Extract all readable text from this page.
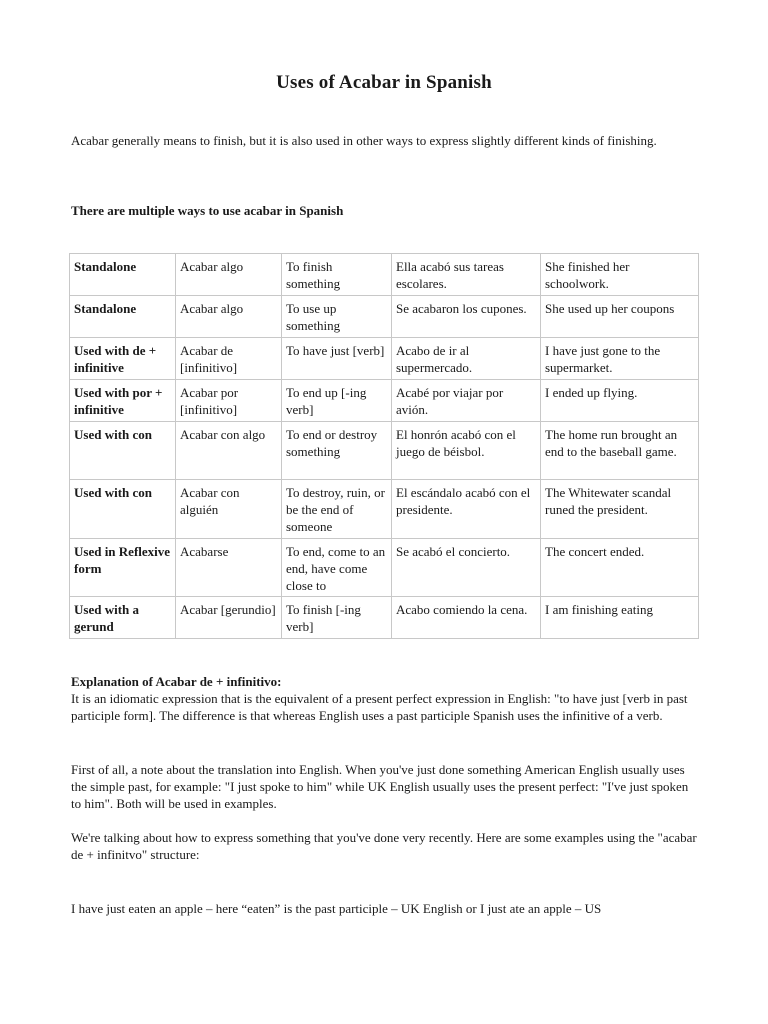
Uses of Acabar in Spanish
Acabar generally means to finish, but it is also used in other ways to express slightly different kinds of finishing.
There are multiple ways to use acabar in Spanish
Standalone	Acabar algo	To finish something	Ella acabó sus tareas escolares.	She finished her schoolwork.
Standalone	Acabar algo	To use up something	Se acabaron los cupones.	She used up her coupons
Used with de + infinitive	Acabar de [infinitivo]	To have just [verb]	Acabo de ir al supermercado.	I have just gone to the supermarket.
Used with por + infinitive	Acabar por [infinitivo]	To end up [-ing verb]	Acabé por viajar por avión.	I ended up flying.
Used with con	Acabar con algo	To end or destroy something	El honrón acabó con el juego de béisbol.	The home run brought an end to the baseball game.
Used with con	Acabar con alguién	To destroy, ruin, or be the end of someone	El escándalo acabó con el presidente.	The Whitewater scandal runed the president.
Used in Reflexive form	Acabarse	To end, come to an end, have come close to	Se acabó el concierto.	The concert ended.
Used with a gerund	Acabar [gerundio]	To finish [-ing verb]	Acabo comiendo la cena.	I am finishing eating
Explanation of Acabar de + infinitivo:
It is an idiomatic expression that is the equivalent of a present perfect expression in English: "to have just [verb in past participle form]. The difference is that whereas English uses a past participle Spanish uses the infinitive of a verb.
First of all, a note about the translation into English. When you've just done something American English usually uses the simple past, for example: "I just spoke to him" while UK English usually uses the present perfect: "I've just spoken to him". Both will be used in examples.
We're talking about how to express something that you've done very recently. Here are some examples using the "acabar de + infinitvo" structure:
I have just eaten an apple – here “eaten” is the past participle – UK English or I just ate an apple – US
